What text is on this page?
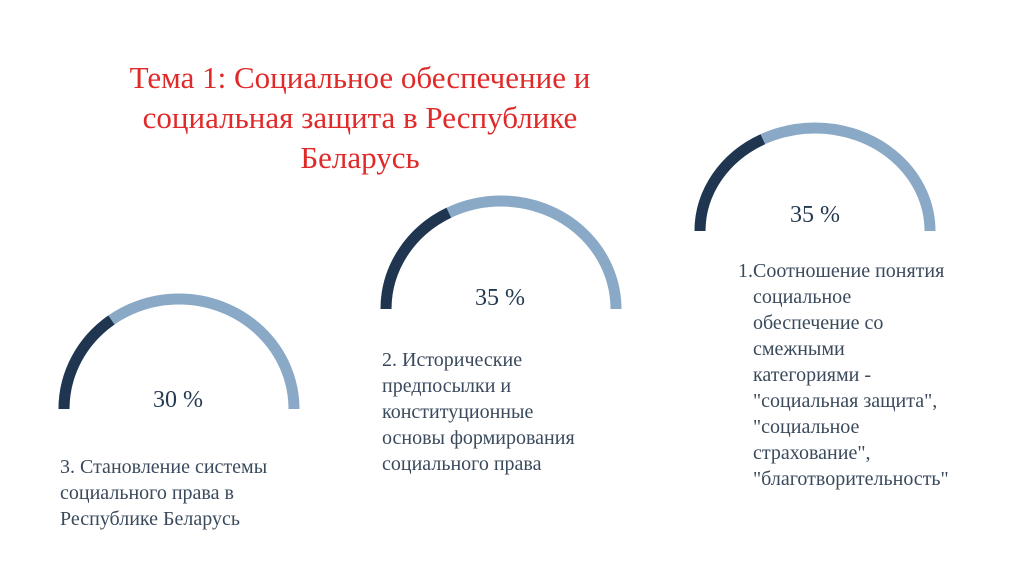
Тема 1: Социальное обеспечение и
социальная защита в Республике
Беларусь
35 %
35 %
30 %
1. Соотношение понятия
социальное
обеспечение со
смежными
категориями -
"социальная защита",
"социальное
страхование",
"благотворительность"
2. Исторические
предпосылки и
конституционные
основы формирования
социального права
3. Становление системы
социального права в
Республике Беларусь
